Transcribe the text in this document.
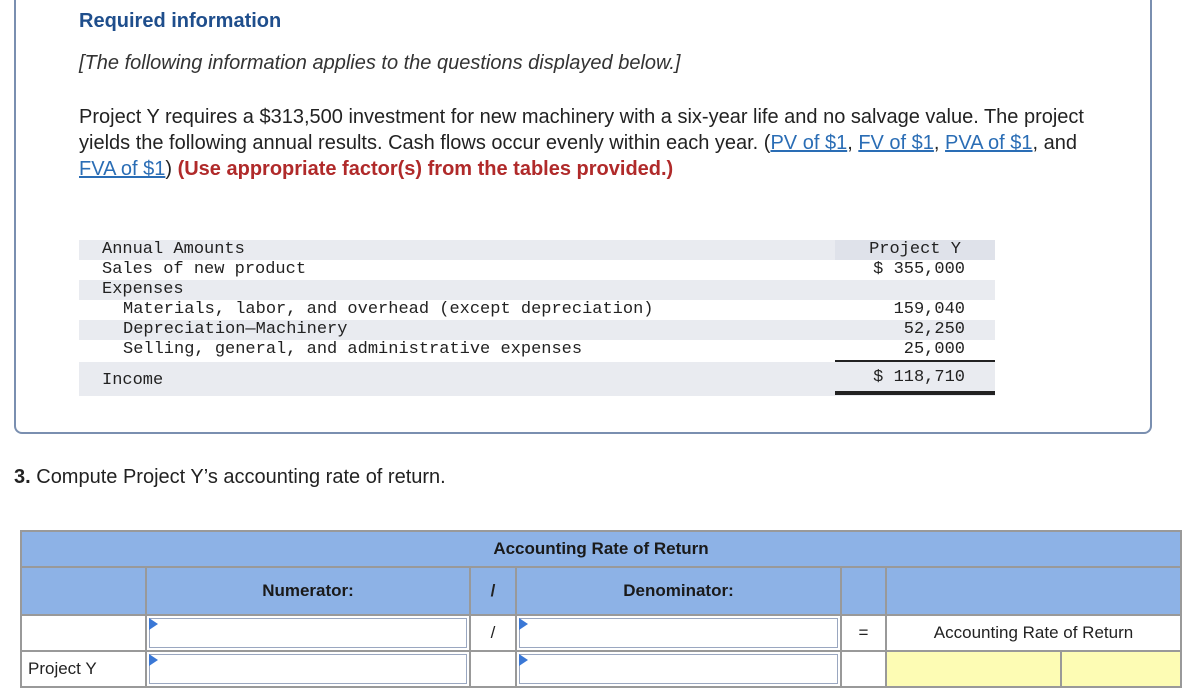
Required information

[The following information applies to the questions displayed below.]

Project Y requires a $313,500 investment for new machinery with a six-year life and no salvage value. The project yields the following annual results. Cash flows occur evenly within each year. (PV of $1, FV of $1, PVA of $1, and FVA of $1) (Use appropriate factor(s) from the tables provided.)

Annual Amounts	Project Y
Sales of new product	$ 355,000
Expenses
Materials, labor, and overhead (except depreciation)	159,040
Depreciation—Machinery	52,250
Selling, general, and administrative expenses	25,000
Income	$ 118,710

3. Compute Project Y’s accounting rate of return.

Accounting Rate of Return						
	Numerator:	/	Denominator:			

	/		=	Accounting Rate of Return	
Project Y	
